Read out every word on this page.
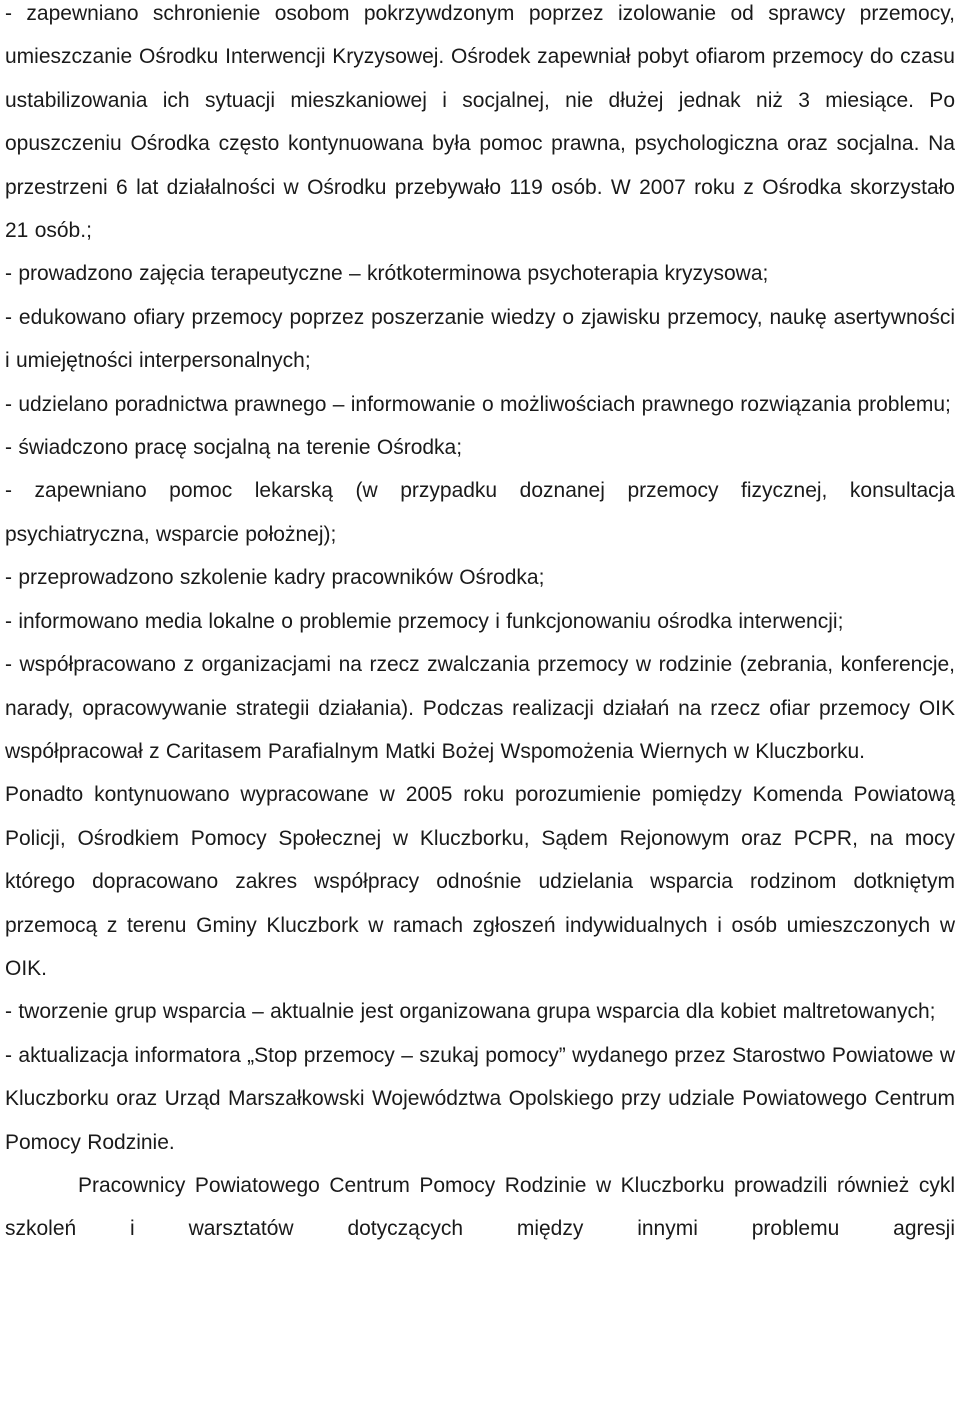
- zapewniano schronienie osobom pokrzywdzonym poprzez izolowanie od sprawcy przemocy, umieszczanie Ośrodku Interwencji Kryzysowej. Ośrodek zapewniał pobyt ofiarom przemocy do czasu ustabilizowania ich sytuacji mieszkaniowej i socjalnej, nie dłużej jednak niż 3 miesiące. Po opuszczeniu Ośrodka często kontynuowana była pomoc prawna, psychologiczna oraz socjalna. Na przestrzeni 6 lat działalności w Ośrodku przebywało 119 osób. W 2007 roku z Ośrodka skorzystało 21 osób.;

- prowadzono zajęcia terapeutyczne – krótkoterminowa psychoterapia kryzysowa;

- edukowano ofiary przemocy poprzez poszerzanie wiedzy o zjawisku przemocy, naukę asertywności i umiejętności interpersonalnych;

- udzielano poradnictwa prawnego – informowanie o możliwościach prawnego rozwiązania problemu;

- świadczono pracę socjalną na terenie Ośrodka;

- zapewniano pomoc lekarską (w przypadku doznanej przemocy fizycznej, konsultacja psychiatryczna, wsparcie położnej);

- przeprowadzono szkolenie kadry pracowników Ośrodka;

- informowano media lokalne o problemie przemocy i funkcjonowaniu ośrodka interwencji;

- współpracowano z organizacjami na rzecz zwalczania przemocy w rodzinie (zebrania, konferencje, narady, opracowywanie strategii działania). Podczas realizacji działań na rzecz ofiar przemocy OIK współpracował z Caritasem Parafialnym Matki Bożej Wspomożenia Wiernych w Kluczborku.

Ponadto kontynuowano wypracowane w 2005 roku porozumienie pomiędzy Komenda Powiatową Policji, Ośrodkiem Pomocy Społecznej w Kluczborku, Sądem Rejonowym oraz PCPR, na mocy którego dopracowano zakres współpracy odnośnie udzielania wsparcia rodzinom dotkniętym przemocą z terenu Gminy Kluczbork w ramach zgłoszeń indywidualnych i osób umieszczonych w OIK.

- tworzenie grup wsparcia – aktualnie jest organizowana grupa wsparcia dla kobiet maltretowanych;

- aktualizacja informatora „Stop przemocy – szukaj pomocy” wydanego przez Starostwo Powiatowe w Kluczborku oraz Urząd Marszałkowski Województwa Opolskiego przy udziale Powiatowego Centrum Pomocy Rodzinie.

Pracownicy Powiatowego Centrum Pomocy Rodzinie w Kluczborku prowadzili również cykl szkoleń i warsztatów dotyczących między innymi problemu agresji
